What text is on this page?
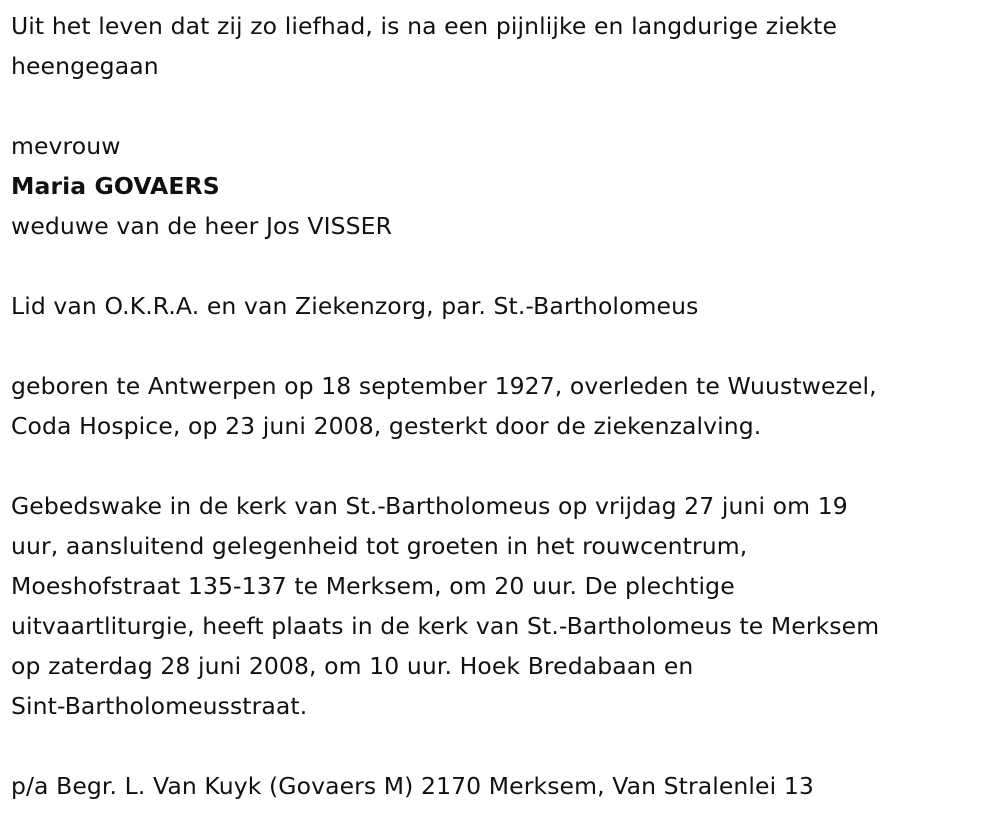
Uit het leven dat zij zo liefhad, is na een pijnlijke en langdurige ziekte
heengegaan
mevrouw
Maria GOVAERS
weduwe van de heer Jos VISSER
Lid van O.K.R.A. en van Ziekenzorg, par. St.-Bartholomeus
geboren te Antwerpen op 18 september 1927, overleden te Wuustwezel,
Coda Hospice, op 23 juni 2008, gesterkt door de ziekenzalving.
Gebedswake in de kerk van St.-Bartholomeus op vrijdag 27 juni om 19
uur, aansluitend gelegenheid tot groeten in het rouwcentrum,
Moeshofstraat 135-137 te Merksem, om 20 uur. De plechtige
uitvaartliturgie, heeft plaats in de kerk van St.-Bartholomeus te Merksem
op zaterdag 28 juni 2008, om 10 uur. Hoek Bredabaan en
Sint-Bartholomeusstraat.
p/a Begr. L. Van Kuyk (Govaers M) 2170 Merksem, Van Stralenlei 13
